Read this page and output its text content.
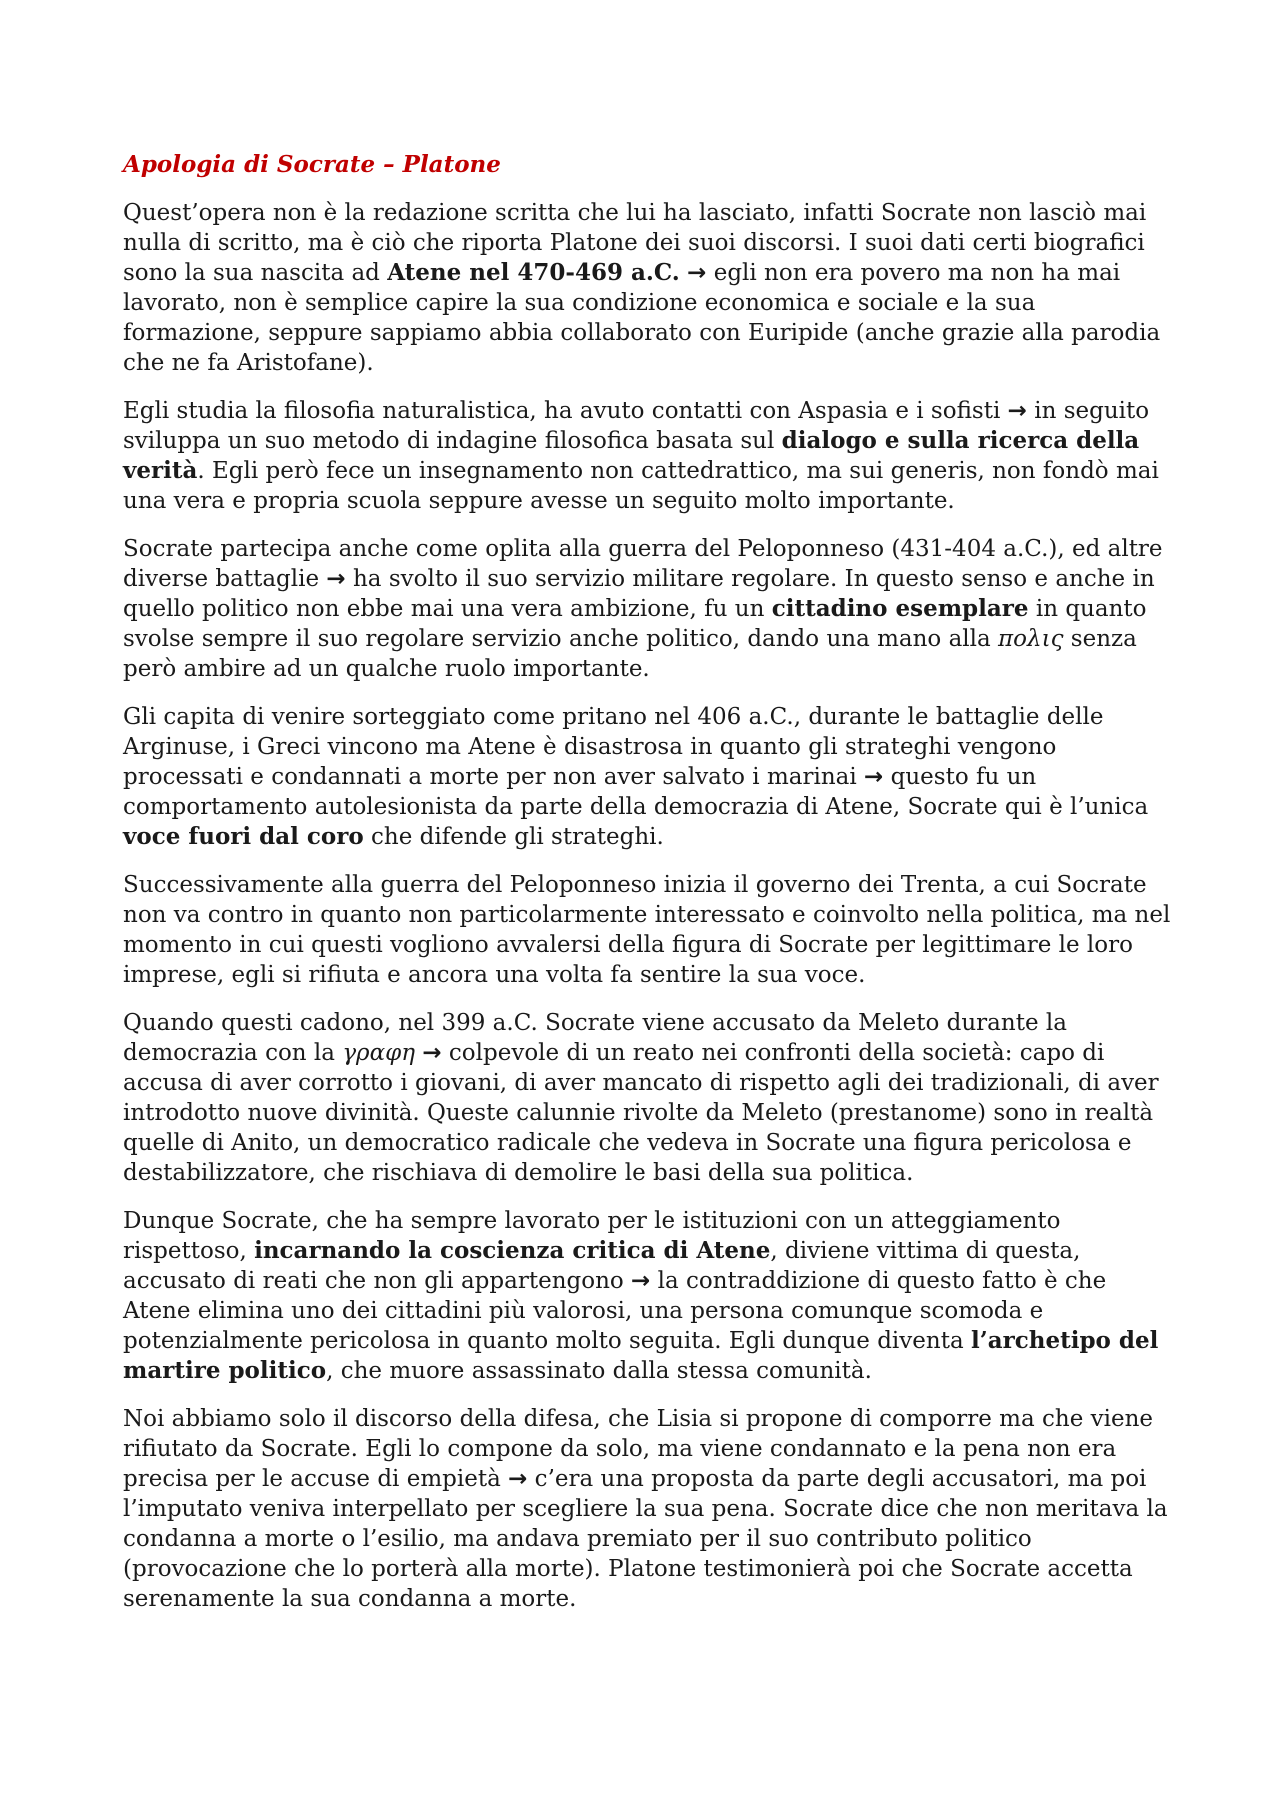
Apologia di Socrate – Platone

Quest’opera non è la redazione scritta che lui ha lasciato, infatti Socrate non lasciò mai nulla di scritto, ma è ciò che riporta Platone dei suoi discorsi. I suoi dati certi biografici sono la sua nascita ad Atene nel 470-469 a.C. → egli non era povero ma non ha mai lavorato, non è semplice capire la sua condizione economica e sociale e la sua formazione, seppure sappiamo abbia collaborato con Euripide (anche grazie alla parodia che ne fa Aristofane).

Egli studia la filosofia naturalistica, ha avuto contatti con Aspasia e i sofisti → in seguito sviluppa un suo metodo di indagine filosofica basata sul dialogo e sulla ricerca della verità. Egli però fece un insegnamento non cattedrattico, ma sui generis, non fondò mai una vera e propria scuola seppure avesse un seguito molto importante.

Socrate partecipa anche come oplita alla guerra del Peloponneso (431-404 a.C.), ed altre diverse battaglie → ha svolto il suo servizio militare regolare. In questo senso e anche in quello politico non ebbe mai una vera ambizione, fu un cittadino esemplare in quanto svolse sempre il suo regolare servizio anche politico, dando una mano alla πολις senza però ambire ad un qualche ruolo importante.

Gli capita di venire sorteggiato come pritano nel 406 a.C., durante le battaglie delle Arginuse, i Greci vincono ma Atene è disastrosa in quanto gli strateghi vengono processati e condannati a morte per non aver salvato i marinai → questo fu un comportamento autolesionista da parte della democrazia di Atene, Socrate qui è l’unica voce fuori dal coro che difende gli strateghi.

Successivamente alla guerra del Peloponneso inizia il governo dei Trenta, a cui Socrate non va contro in quanto non particolarmente interessato e coinvolto nella politica, ma nel momento in cui questi vogliono avvalersi della figura di Socrate per legittimare le loro imprese, egli si rifiuta e ancora una volta fa sentire la sua voce.

Quando questi cadono, nel 399 a.C. Socrate viene accusato da Meleto durante la democrazia con la γραφη → colpevole di un reato nei confronti della società: capo di accusa di aver corrotto i giovani, di aver mancato di rispetto agli dei tradizionali, di aver introdotto nuove divinità. Queste calunnie rivolte da Meleto (prestanome) sono in realtà quelle di Anito, un democratico radicale che vedeva in Socrate una figura pericolosa e destabilizzatore, che rischiava di demolire le basi della sua politica.

Dunque Socrate, che ha sempre lavorato per le istituzioni con un atteggiamento rispettoso, incarnando la coscienza critica di Atene, diviene vittima di questa, accusato di reati che non gli appartengono → la contraddizione di questo fatto è che Atene elimina uno dei cittadini più valorosi, una persona comunque scomoda e potenzialmente pericolosa in quanto molto seguita. Egli dunque diventa l’archetipo del martire politico, che muore assassinato dalla stessa comunità.

Noi abbiamo solo il discorso della difesa, che Lisia si propone di comporre ma che viene rifiutato da Socrate. Egli lo compone da solo, ma viene condannato e la pena non era precisa per le accuse di empietà → c’era una proposta da parte degli accusatori, ma poi l’imputato veniva interpellato per scegliere la sua pena. Socrate dice che non meritava la condanna a morte o l’esilio, ma andava premiato per il suo contributo politico (provocazione che lo porterà alla morte). Platone testimonierà poi che Socrate accetta serenamente la sua condanna a morte.
